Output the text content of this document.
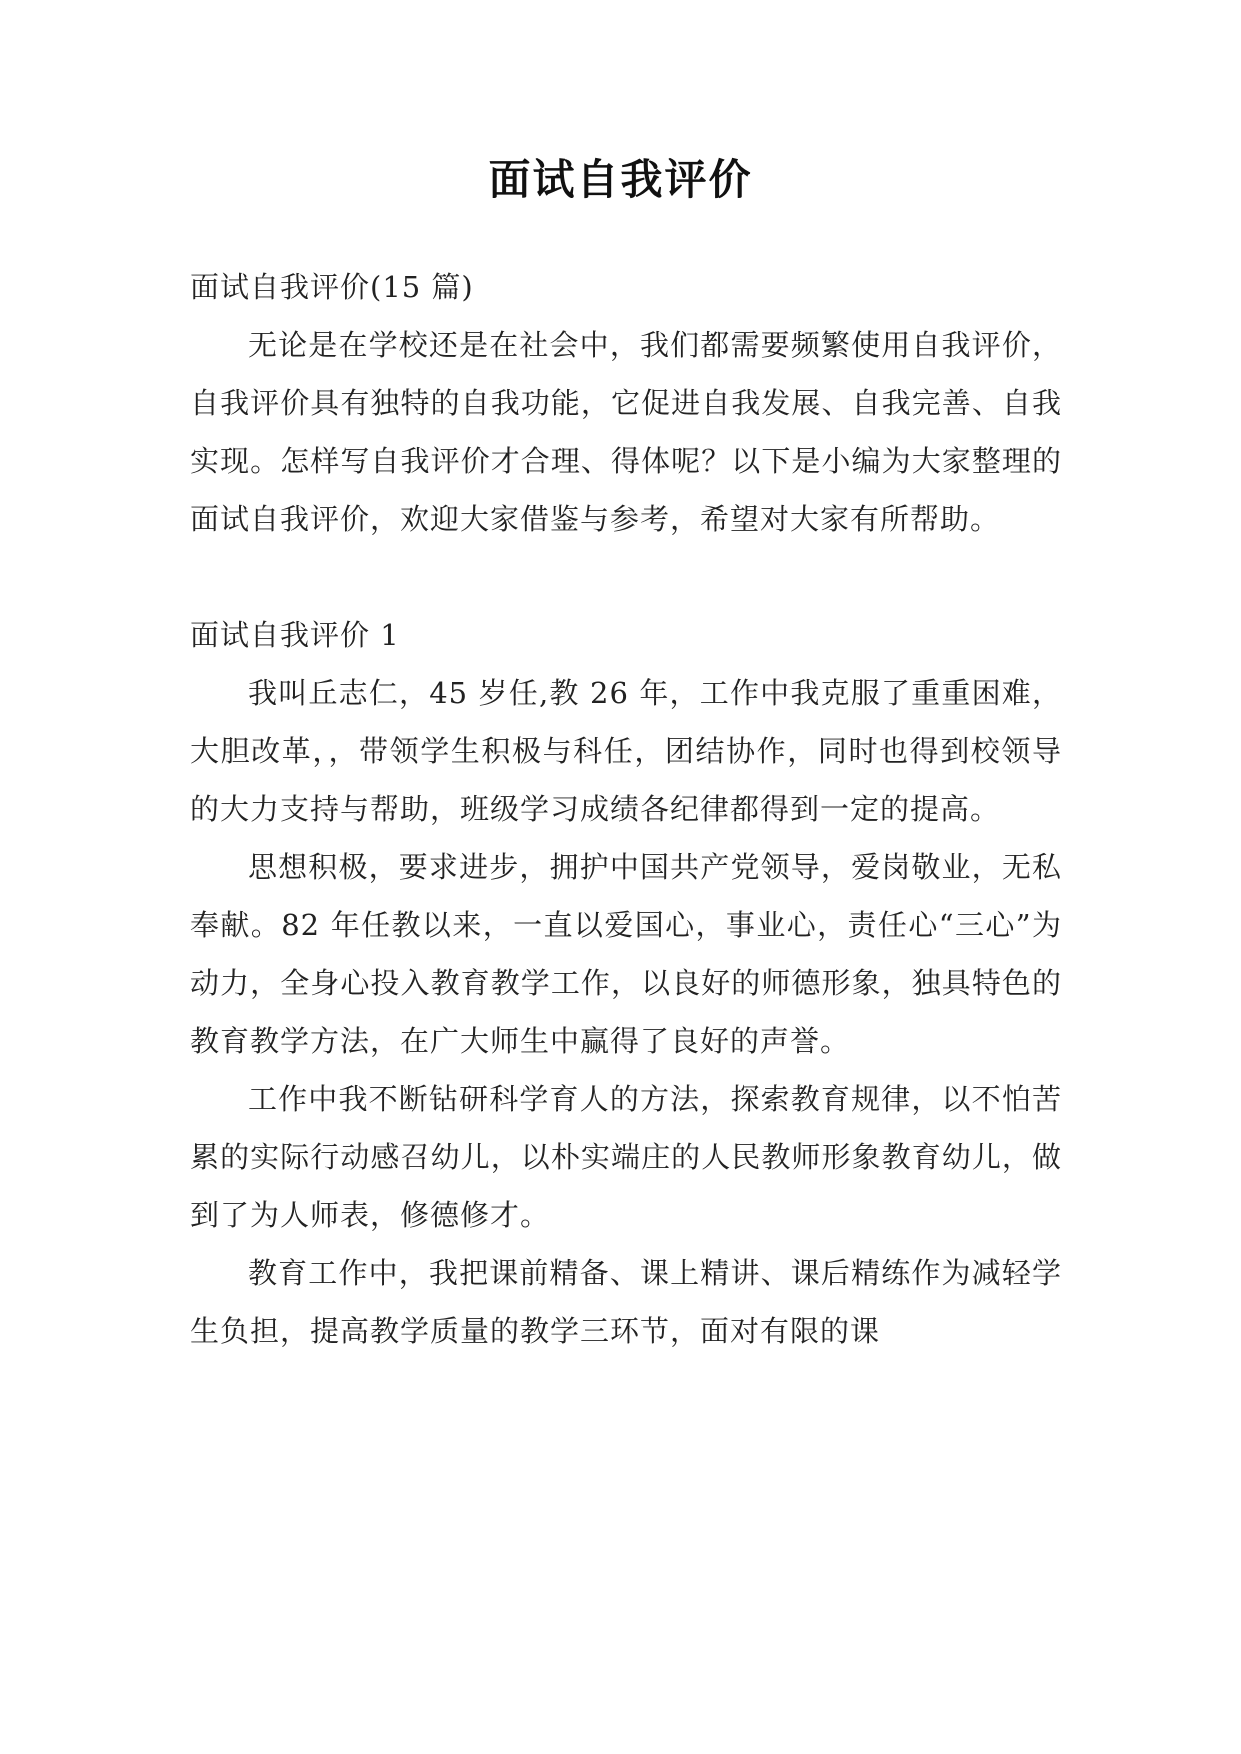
面试自我评价

面试自我评价(15 篇)

无论是在学校还是在社会中，我们都需要频繁使用自我评价，自我评价具有独特的自我功能，它促进自我发展、自我完善、自我实现。怎样写自我评价才合理、得体呢？以下是小编为大家整理的面试自我评价，欢迎大家借鉴与参考，希望对大家有所帮助。

面试自我评价 1

我叫丘志仁，45 岁任,教 26 年，工作中我克服了重重困难，大胆改革，，带领学生积极与科任，团结协作，同时也得到校领导的大力支持与帮助，班级学习成绩各纪律都得到一定的提高。

思想积极，要求进步，拥护中国共产党领导，爱岗敬业，无私奉献。82 年任教以来，一直以爱国心，事业心，责任心“三心”为动力，全身心投入教育教学工作，以良好的师德形象，独具特色的教育教学方法，在广大师生中赢得了良好的声誉。

工作中我不断钻研科学育人的方法，探索教育规律，以不怕苦累的实际行动感召幼儿，以朴实端庄的人民教师形象教育幼儿，做到了为人师表，修德修才。

教育工作中，我把课前精备、课上精讲、课后精练作为减轻学生负担，提高教学质量的教学三环节，面对有限的课
